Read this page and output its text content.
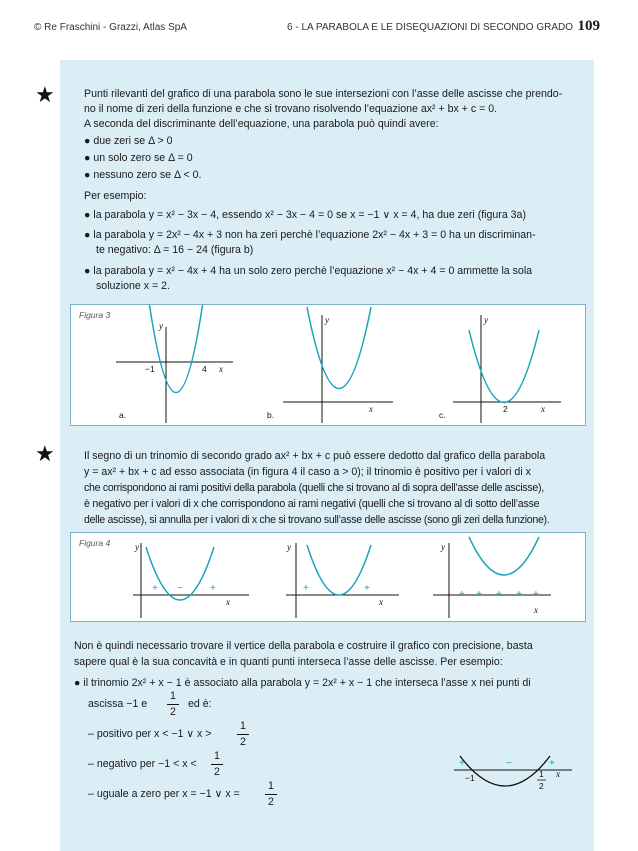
© Re Fraschini - Grazzi, Atlas SpA	6 - LA PARABOLA E LE DISEQUAZIONI DI SECONDO GRADO 109
★	Punti rilevanti del grafico di una parabola sono le sue intersezioni con l’asse delle ascisse che prendo-
no il nome di zeri della funzione e che si trovano risolvendo l’equazione ax² + bx + c = 0.
A seconda del discriminante dell’equazione, una parabola può quindi avere:
● due zeri se Δ > 0
● un solo zero se Δ = 0
● nessuno zero se Δ < 0.
Per esempio:
● la parabola y = x² − 3x − 4, essendo x² − 3x − 4 = 0 se x = −1 ∨ x = 4, ha due zeri (figura 3a)
● la parabola y = 2x² − 4x + 3 non ha zeri perchè l’equazione 2x² − 4x + 3 = 0 ha un discriminan-
te negativo: Δ = 16 − 24 (figura b)
● la parabola y = x² − 4x + 4 ha un solo zero perchè l’equazione x² − 4x + 4 = 0 ammette la sola
soluzione x = 2.
Figura 3
y
x
−1	4
a.
y
x
b.
y
x
2
c.
★	Il segno di un trinomio di secondo grado ax² + bx + c può essere dedotto dal grafico della parabola
y = ax² + bx + c ad esso associata (in figura 4 il caso a > 0); il trinomio è positivo per i valori di x
che corrispondono ai rami positivi della parabola (quelli che si trovano al di sopra dell’asse delle ascisse),
è negativo per i valori di x che corrispondono ai rami negativi (quelli che si trovano al di sotto dell’asse
delle ascisse), si annulla per i valori di x che si trovano sull’asse delle ascisse (sono gli zeri della funzione).
Figura 4	y
x
+ −	+
y
x
+	+
y
x
+ + + + +
Non è quindi necessario trovare il vertice della parabola e costruire il grafico con precisione, basta
sapere qual è la sua concavità e in quanti punti interseca l’asse delle ascisse. Per esempio:
● il trinomio 2x² + x − 1 è associato alla parabola y = 2x² + x − 1 che interseca l’asse x nei punti di
ascissa −1 e
1
2
ed è:
– positivo per x < −1 ∨ x >
1
2
– negativo per −1 < x <
1
2
– uguale a zero per x = −1 ∨ x =
1
2
+	−	+
−1	1
2
x
